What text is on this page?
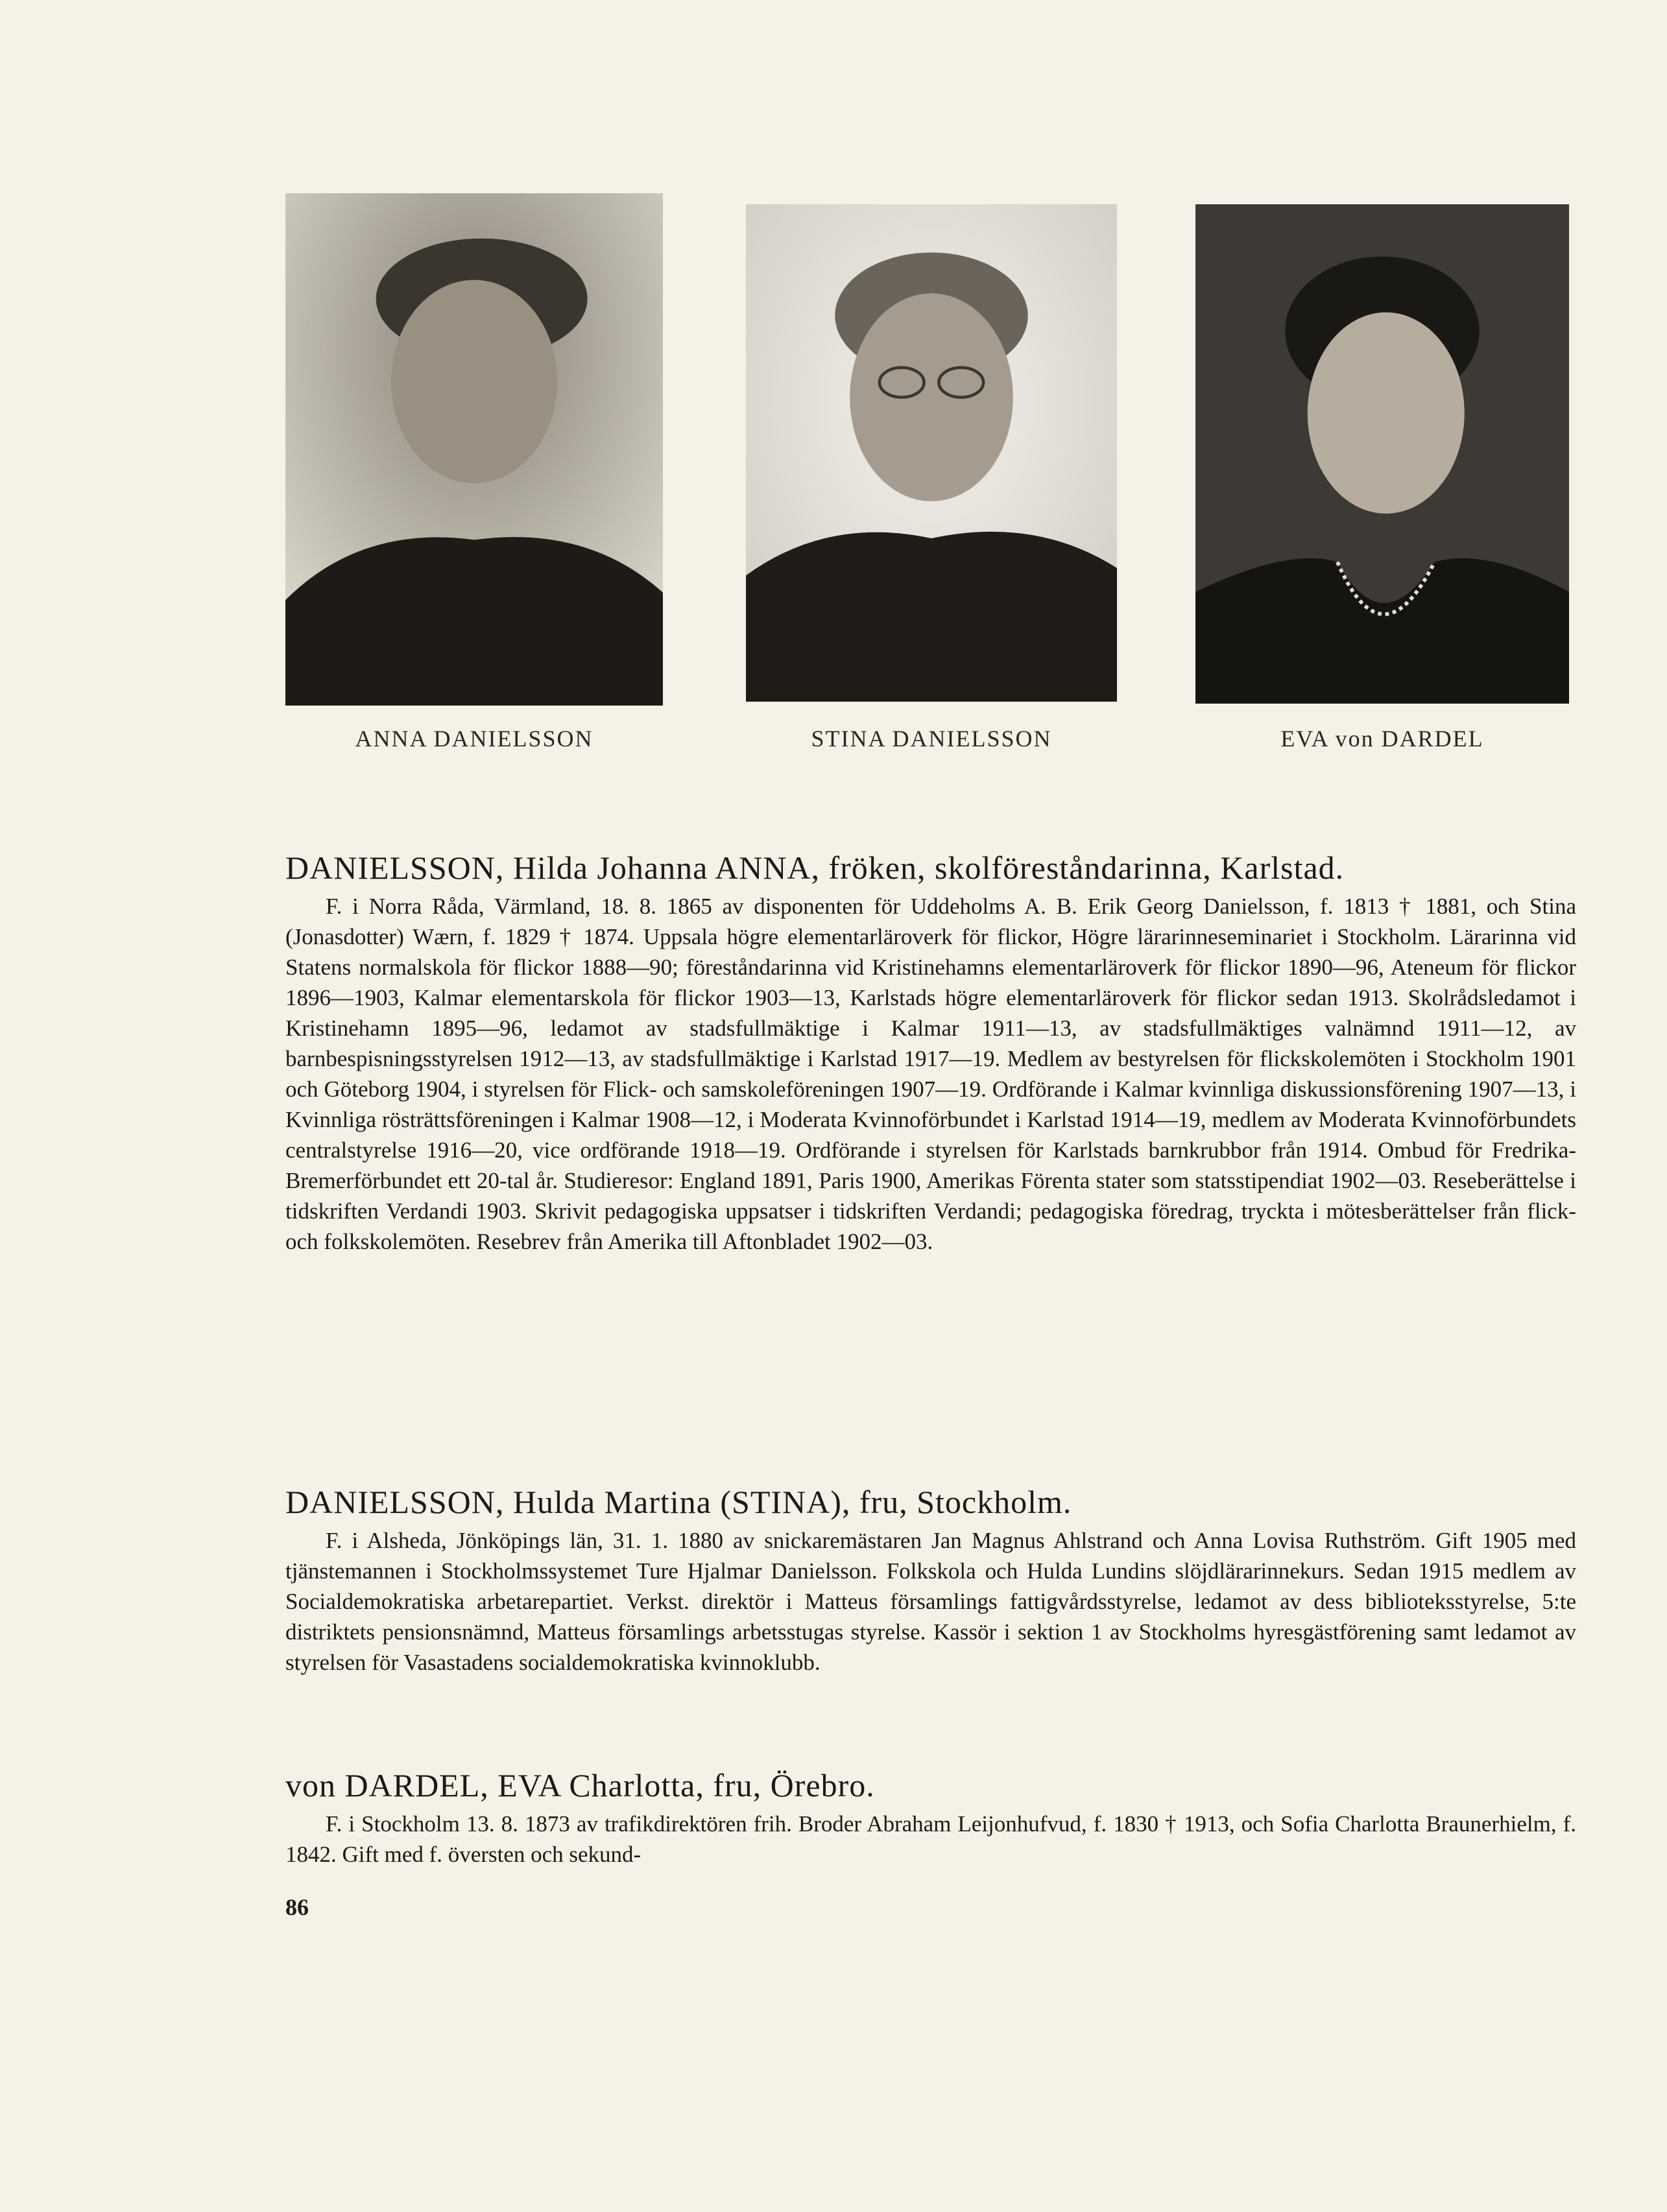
ANNA DANIELSSON	STINA DANIELSSON	EVA von DARDEL

DANIELSSON, Hilda Johanna ANNA, fröken, skolföreståndarinna, Karlstad.

F. i Norra Råda, Värmland, 18. 8. 1865 av disponenten för Uddeholms A. B. Erik Georg Danielsson, f. 1813 † 1881, och Stina (Jonasdotter) Wærn, f. 1829 † 1874. Uppsala högre elementarläroverk för flickor, Högre lärarinneseminariet i Stockholm. Lärarinna vid Statens normalskola för flickor 1888—90; föreståndarinna vid Kristinehamns elementarläroverk för flickor 1890—96, Ateneum för flickor 1896—1903, Kalmar elementarskola för flickor 1903—13, Karlstads högre elementarläroverk för flickor sedan 1913. Skolrådsledamot i Kristinehamn 1895—96, ledamot av stadsfullmäktige i Kalmar 1911—13, av stadsfullmäktiges valnämnd 1911—12, av barnbespisningsstyrelsen 1912—13, av stadsfullmäktige i Karlstad 1917—19. Medlem av bestyrelsen för flickskolemöten i Stockholm 1901 och Göteborg 1904, i styrelsen för Flick- och samskoleföreningen 1907—19. Ordförande i Kalmar kvinnliga diskussionsförening 1907—13, i Kvinnliga rösträttsföreningen i Kalmar 1908—12, i Moderata Kvinnoförbundet i Karlstad 1914—19, medlem av Moderata Kvinnoförbundets centralstyrelse 1916—20, vice ordförande 1918—19. Ordförande i styrelsen för Karlstads barnkrubbor från 1914. Ombud för Fredrika-Bremerförbundet ett 20-tal år. Studieresor: England 1891, Paris 1900, Amerikas Förenta stater som statsstipendiat 1902—03. Reseberättelse i tidskriften Verdandi 1903. Skrivit pedagogiska uppsatser i tidskriften Verdandi; pedagogiska föredrag, tryckta i mötesberättelser från flick- och folkskolemöten. Resebrev från Amerika till Aftonbladet 1902—03.

DANIELSSON, Hulda Martina (STINA), fru, Stockholm.

F. i Alsheda, Jönköpings län, 31. 1. 1880 av snickaremästaren Jan Magnus Ahlstrand och Anna Lovisa Ruthström. Gift 1905 med tjänstemannen i Stockholmssystemet Ture Hjalmar Danielsson. Folkskola och Hulda Lundins slöjdlärarinnekurs. Sedan 1915 medlem av Socialdemokratiska arbetarepartiet. Verkst. direktör i Matteus församlings fattigvårdsstyrelse, ledamot av dess biblioteksstyrelse, 5:te distriktets pensionsnämnd, Matteus församlings arbetsstugas styrelse. Kassör i sektion 1 av Stockholms hyresgästförening samt ledamot av styrelsen för Vasastadens socialdemokratiska kvinnoklubb.

von DARDEL, EVA Charlotta, fru, Örebro.

F. i Stockholm 13. 8. 1873 av trafikdirektören frih. Broder Abraham Leijonhufvud, f. 1830 † 1913, och Sofia Charlotta Braunerhielm, f. 1842. Gift med f. översten och sekund-

86
